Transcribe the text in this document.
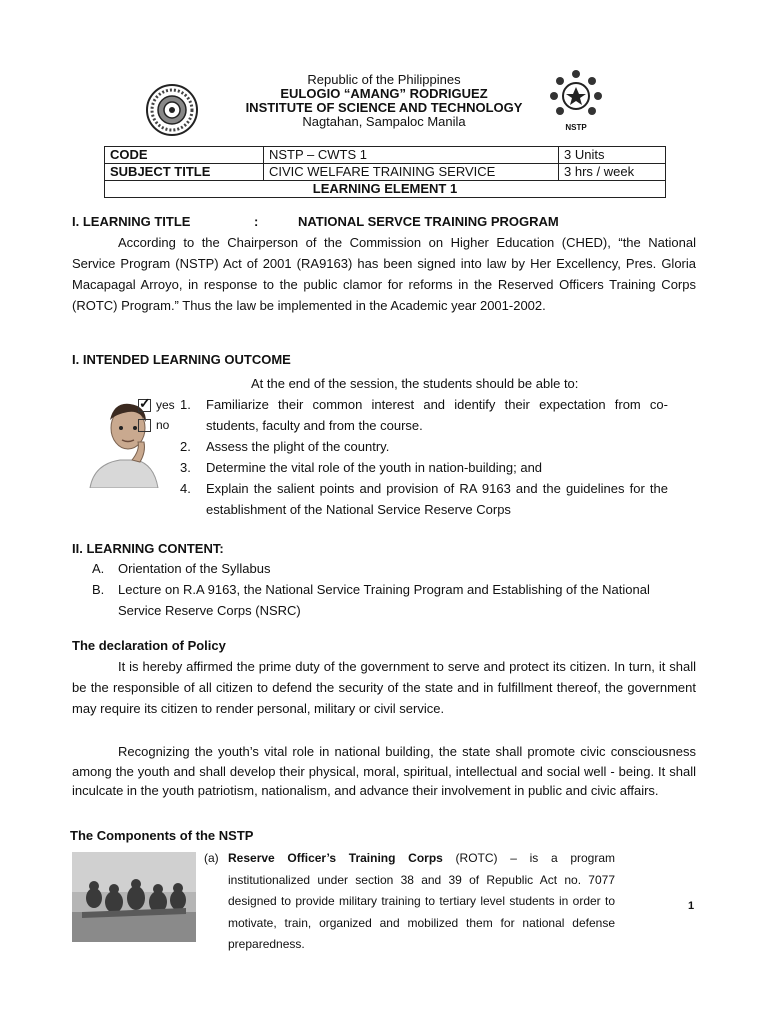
Republic of the Philippines
EULOGIO “AMANG” RODRIGUEZ
INSTITUTE OF SCIENCE AND TECHNOLOGY
Nagtahan, Sampaloc Manila	NSTP
CODE	NSTP – CWTS 1	3 Units
SUBJECT TITLE	CIVIC WELFARE TRAINING SERVICE	3 hrs / week
LEARNING ELEMENT 1		
I. LEARNING TITLE	:	NATIONAL SERVCE TRAINING PROGRAM

According to the Chairperson of the Commission on Higher Education (CHED), “the National Service Program (NSTP) Act of 2001 (RA9163) has been signed into law by Her Excellency, Pres. Gloria Macapagal Arroyo, in response to the public clamor for reforms in the Reserved Officers Training Corps (ROTC) Program.” Thus the law be implemented in the Academic year 2001-2002.

I. INTENDED LEARNING OUTCOME
✓ yes
no
At the end of the session, the students should be able to:
1. Familiarize their common interest and identify their expectation from co-students, faculty and from the course.

2. Assess the plight of the country.

3. Determine the vital role of the youth in nation-building; and

4. Explain the salient points and provision of RA 9163 and the guidelines for the establishment of the National Service Reserve Corps

II. LEARNING CONTENT:
A. Orientation of the Syllabus
B. Lecture on R.A 9163, the National Service Training Program and Establishing of the National Service Reserve Corps (NSRC)
The declaration of Policy

It is hereby affirmed the prime duty of the government to serve and protect its citizen. In turn, it shall be the responsible of all citizen to defend the security of the state and in fulfillment thereof, the government may require its citizen to render personal, military or civil service.

Recognizing the youth’s vital role in national building, the state shall promote civic consciousness among the youth and shall develop their physical, moral, spiritual, intellectual and social well - being. It shall inculcate in the youth patriotism, nationalism, and advance their involvement in public and civic affairs.

The Components of the NSTP
(a) Reserve Officer’s Training Corps (ROTC) – is a program institutionalized under section 38 and 39 of Republic Act no. 7077 designed to provide military training to tertiary level students in order to motivate, train, organized and mobilized them for national defense preparedness.

1
